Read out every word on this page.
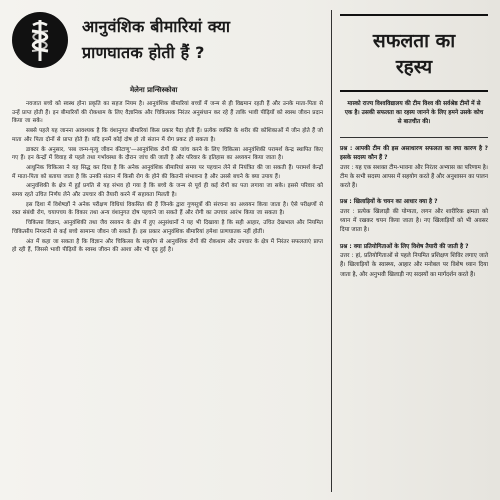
आनुवंशिक बीमारियां क्या
प्राणघातक होती हैं ?
मेलेना प्रान्सिस्कोवा

नवजात बच्चे को स्वस्थ होना प्रकृति का सहज नियम है। आनुवंशिक बीमारियां बच्चों में जन्म से ही विद्यमान रहती हैं और उनके माता-पिता से उन्हें प्राप्त होती हैं। इन बीमारियों की रोकथाम के लिए वैज्ञानिक और चिकित्सक निरंतर अनुसंधान कर रहे हैं ताकि भावी पीढ़ियों को स्वस्थ जीवन प्रदान किया जा सके।

सबसे पहले यह जानना आवश्यक है कि वंशानुगत बीमारियां किस प्रकार पैदा होती हैं। प्रत्येक व्यक्ति के शरीर की कोशिकाओं में जीन होते हैं जो माता और पिता दोनों से प्राप्त होते हैं। यदि इनमें कोई दोष हो तो संतान में रोग प्रकट हो सकता है।

डाक्टर के अनुसार, 'सब जन्म-मृत्यु जीवन कीटाणु'—आनुवंशिक रोगों की जांच करने के लिए चिकित्सा आनुवंशिकी परामर्श केन्द्र स्थापित किए गए हैं। इन केन्द्रों में विवाह से पहले तथा गर्भावस्था के दौरान जांच की जाती है और परिवार के इतिहास का अध्ययन किया जाता है।

आधुनिक चिकित्सा ने यह सिद्ध कर दिया है कि अनेक आनुवंशिक बीमारियां समय पर पहचान लेने से नियंत्रित की जा सकती हैं। परामर्श केन्द्रों में माता-पिता को बताया जाता है कि उनकी संतान में किसी रोग के होने की कितनी संभावना है और उससे बचने के क्या उपाय हैं।

आनुवंशिकी के क्षेत्र में हुई प्रगति से यह संभव हो गया है कि बच्चे के जन्म से पूर्व ही कई रोगों का पता लगाया जा सके। इससे परिवार को समय रहते उचित निर्णय लेने और उपचार की तैयारी करने में सहायता मिलती है।

इस दिशा में विशेषज्ञों ने अनेक परीक्षण विधियां विकसित की हैं जिनके द्वारा गुणसूत्रों की संरचना का अध्ययन किया जाता है। ऐसे परीक्षणों से रक्त संबंधी रोग, चयापचय के विकार तथा अन्य वंशानुगत दोष पहचाने जा सकते हैं और रोगी का उपचार आरंभ किया जा सकता है।

चिकित्सा विज्ञान, आनुवंशिकी तथा जैव रसायन के क्षेत्र में हुए अनुसंधानों ने यह भी दिखाया है कि सही आहार, उचित देखभाल और नियमित चिकित्सीय निगरानी से कई बच्चे सामान्य जीवन जी सकते हैं। इस प्रकार आनुवंशिक बीमारियां हमेशा प्राणघातक नहीं होतीं।

अंत में कहा जा सकता है कि विज्ञान और चिकित्सा के सहयोग से आनुवंशिक रोगों की रोकथाम और उपचार के क्षेत्र में निरंतर सफलताएं प्राप्त हो रही हैं, जिससे भावी पीढ़ियों के स्वस्थ जीवन की आशा और भी दृढ़ हुई है।

सफलता का
रहस्य
मास्को राज्य विश्वविद्यालय की टीम विश्व की सर्वश्रेष्ठ टीमों में से एक है। उसकी सफलता का रहस्य जानने के लिए हमने उसके कोच से बातचीत की।
प्रश्न : आपकी टीम की इस असाधारण सफलता का क्या कारण है ? इसके सदस्य कौन हैं ?
उत्तर : यह एक सशक्त टीम-भावना और निरंतर अभ्यास का परिणाम है। टीम के सभी सदस्य आपस में सहयोग करते हैं और अनुशासन का पालन करते हैं।
प्रश्न : खिलाड़ियों के चयन का आधार क्या है ?
उत्तर : प्रत्येक खिलाड़ी की योग्यता, लगन और शारीरिक क्षमता को ध्यान में रखकर चयन किया जाता है। नए खिलाड़ियों को भी अवसर दिया जाता है।
प्रश्न : क्या प्रतियोगिताओं के लिए विशेष तैयारी की जाती है ?
उत्तर : हां, प्रतियोगिताओं से पहले नियमित प्रशिक्षण शिविर लगाए जाते हैं। खिलाड़ियों के स्वास्थ्य, आहार और मनोबल पर विशेष ध्यान दिया जाता है, और अनुभवी खिलाड़ी नए सदस्यों का मार्गदर्शन करते हैं।
